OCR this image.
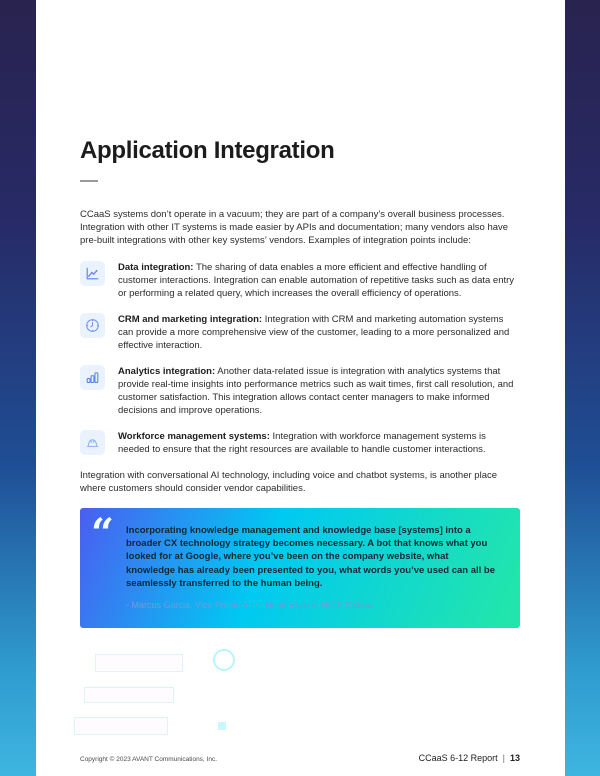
Application Integration

CCaaS systems don’t operate in a vacuum; they are part of a company’s overall business processes. Integration with other IT systems is made easier by APIs and documentation; many vendors also have pre-built integrations with other key systems’ vendors. Examples of integration points include:

Data integration: The sharing of data enables a more efficient and effective handling of customer interactions. Integration can enable automation of repetitive tasks such as data entry or performing a related query, which increases the overall efficiency of operations.
CRM and marketing integration: Integration with CRM and marketing automation systems can provide a more comprehensive view of the customer, leading to a more personalized and effective interaction.
Analytics integration: Another data-related issue is integration with analytics systems that provide real-time insights into performance metrics such as wait times, first call resolution, and customer satisfaction. This integration allows contact center managers to make informed decisions and improve operations.
Workforce management systems: Integration with workforce management systems is needed to ensure that the right resources are available to handle customer interactions.

Integration with conversational AI technology, including voice and chatbot systems, is another place where customers should consider vendor capabilities.

“ Incorporating knowledge management and knowledge base [systems] into a broader CX technology strategy becomes necessary. A bot that knows what you looked for at Google, where you’ve been on the company website, what knowledge has already been presented to you, what words you’ve used can all be seamlessly transferred to the human being.

- Marcus Garcia, Vice President of Healthcare at NICE CXone
Copyright © 2023 AVANT Communications, Inc.	CCaaS 6-12 Report | 13
